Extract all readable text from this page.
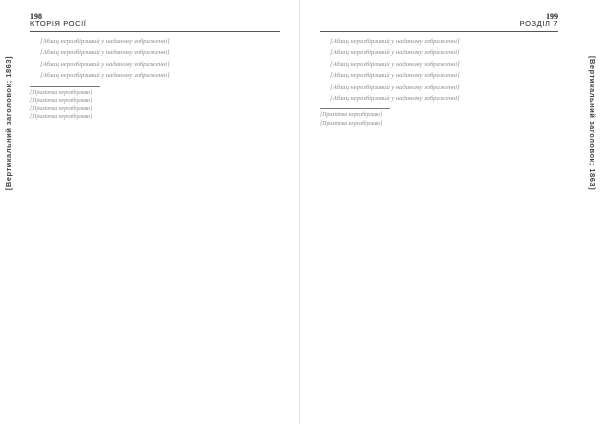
198
КТОРІЯ РОСІЇ
[Вертикальний заголовок; 1863]

[Абзац нерозбірливий у наданому зображенні]

[Абзац нерозбірливий у наданому зображенні]

[Абзац нерозбірливий у наданому зображенні]

[Абзац нерозбірливий у наданому зображенні]

[Примітка нерозбірлива]

[Примітка нерозбірлива]

[Примітка нерозбірлива]

[Примітка нерозбірлива]

199
РОЗДІЛ 7
[Вертикальний заголовок; 1863]

[Абзац нерозбірливий у наданому зображенні]

[Абзац нерозбірливий у наданому зображенні]

[Абзац нерозбірливий у наданому зображенні]

[Абзац нерозбірливий у наданому зображенні]

[Абзац нерозбірливий у наданому зображенні]

[Абзац нерозбірливий у наданому зображенні]

[Примітка нерозбірлива]

[Примітка нерозбірлива]
